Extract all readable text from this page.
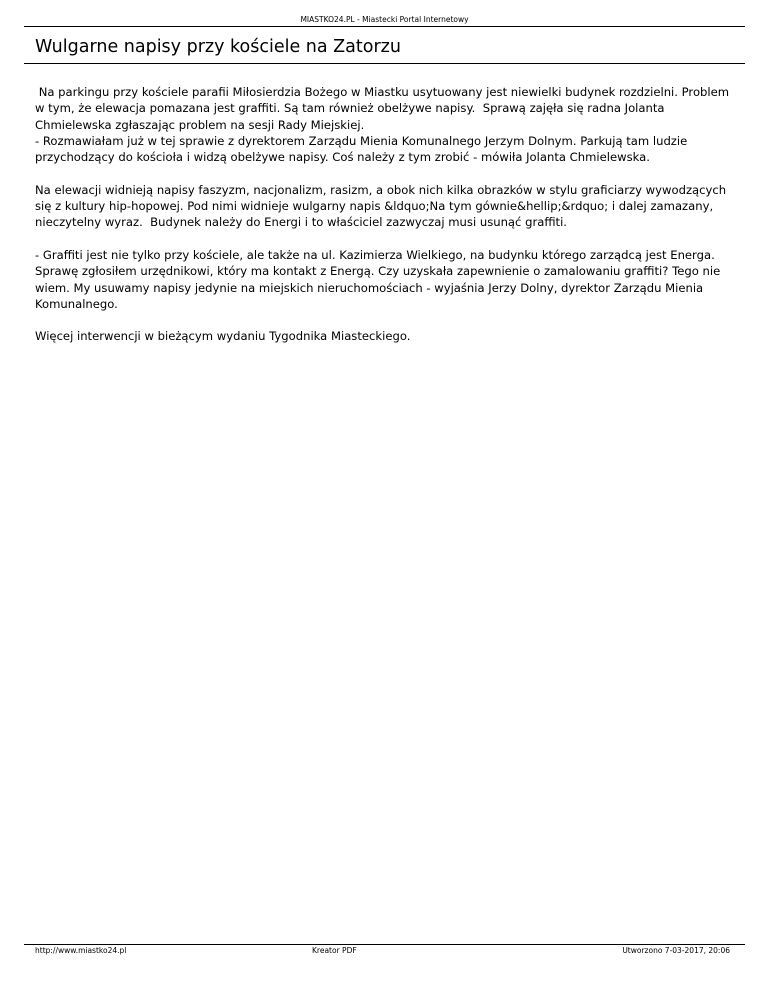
MIASTKO24.PL - Miastecki Portal Internetowy
Wulgarne napisy przy kościele na Zatorzu

Na parkingu przy kościele parafii Miłosierdzia Bożego w Miastku usytuowany jest niewielki budynek rozdzielni. Problem w tym, że elewacja pomazana jest graffiti. Są tam również obelżywe napisy.  Sprawą zajęła się radna Jolanta Chmielewska zgłaszając problem na sesji Rady Miejskiej.
- Rozmawiałam już w tej sprawie z dyrektorem Zarządu Mienia Komunalnego Jerzym Dolnym. Parkują tam ludzie przychodzący do kościoła i widzą obelżywe napisy. Coś należy z tym zrobić - mówiła Jolanta Chmielewska.

Na elewacji widnieją napisy faszyzm, nacjonalizm, rasizm, a obok nich kilka obrazków w stylu graficiarzy wywodzących się z kultury hip-hopowej. Pod nimi widnieje wulgarny napis &ldquo;Na tym gównie&hellip;&rdquo; i dalej zamazany, nieczytelny wyraz.  Budynek należy do Energi i to właściciel zazwyczaj musi usunąć graffiti.

- Graffiti jest nie tylko przy kościele, ale także na ul. Kazimierza Wielkiego, na budynku którego zarządcą jest Energa. Sprawę zgłosiłem urzędnikowi, który ma kontakt z Energą. Czy uzyskała zapewnienie o zamalowaniu graffiti? Tego nie wiem. My usuwamy napisy jedynie na miejskich nieruchomościach - wyjaśnia Jerzy Dolny, dyrektor Zarządu Mienia Komunalnego.

Więcej interwencji w bieżącym wydaniu Tygodnika Miasteckiego.

http://www.miastko24.pl	Kreator PDF	Utworzono 7-03-2017, 20:06
